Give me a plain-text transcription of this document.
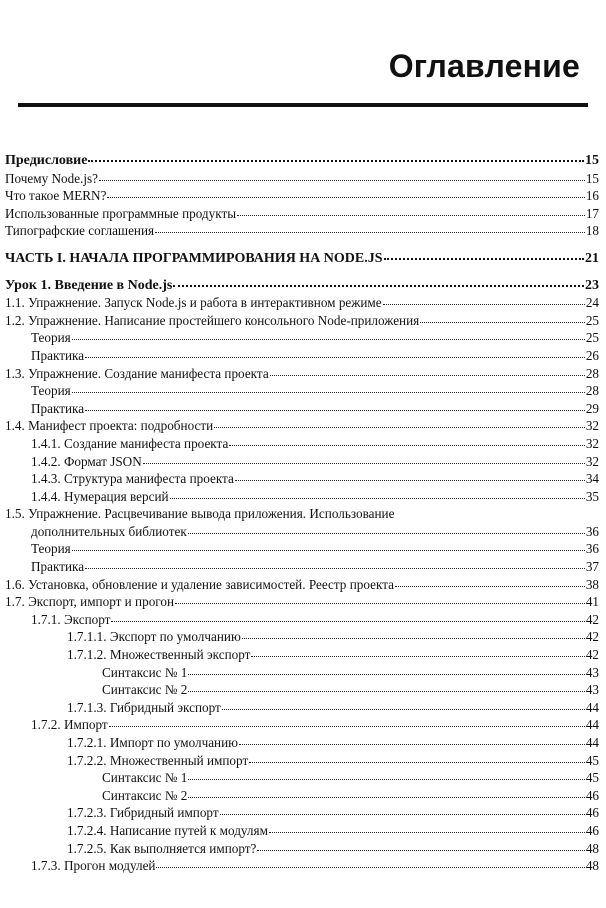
Оглавление
Предисловие	15
Почему Node.js?	15
Что такое MERN?	16
Использованные программные продукты	17
Типографские соглашения	18
ЧАСТЬ I. НАЧАЛА ПРОГРАММИРОВАНИЯ НА NODE.JS	21
Урок 1. Введение в Node.js	23
1.1. Упражнение. Запуск Node.js и работа в интерактивном режиме	24
1.2. Упражнение. Написание простейшего консольного Node-приложения	25
Теория	25
Практика	26
1.3. Упражнение. Создание манифеста проекта	28
Теория	28
Практика	29
1.4. Манифест проекта: подробности	32
1.4.1. Создание манифеста проекта	32
1.4.2. Формат JSON	32
1.4.3. Структура манифеста проекта	34
1.4.4. Нумерация версий	35
1.5. Упражнение. Расцвечивание вывода приложения. Использование
дополнительных библиотек	36
Теория	36
Практика	37
1.6. Установка, обновление и удаление зависимостей. Реестр проекта	38
1.7. Экспорт, импорт и прогон	41
1.7.1. Экспорт	42
1.7.1.1. Экспорт по умолчанию	42
1.7.1.2. Множественный экспорт	42
Синтаксис № 1	43
Синтаксис № 2	43
1.7.1.3. Гибридный экспорт	44
1.7.2. Импорт	44
1.7.2.1. Импорт по умолчанию	44
1.7.2.2. Множественный импорт	45
Синтаксис № 1	45
Синтаксис № 2	46
1.7.2.3. Гибридный импорт	46
1.7.2.4. Написание путей к модулям	46
1.7.2.5. Как выполняется импорт?	48
1.7.3. Прогон модулей	48
